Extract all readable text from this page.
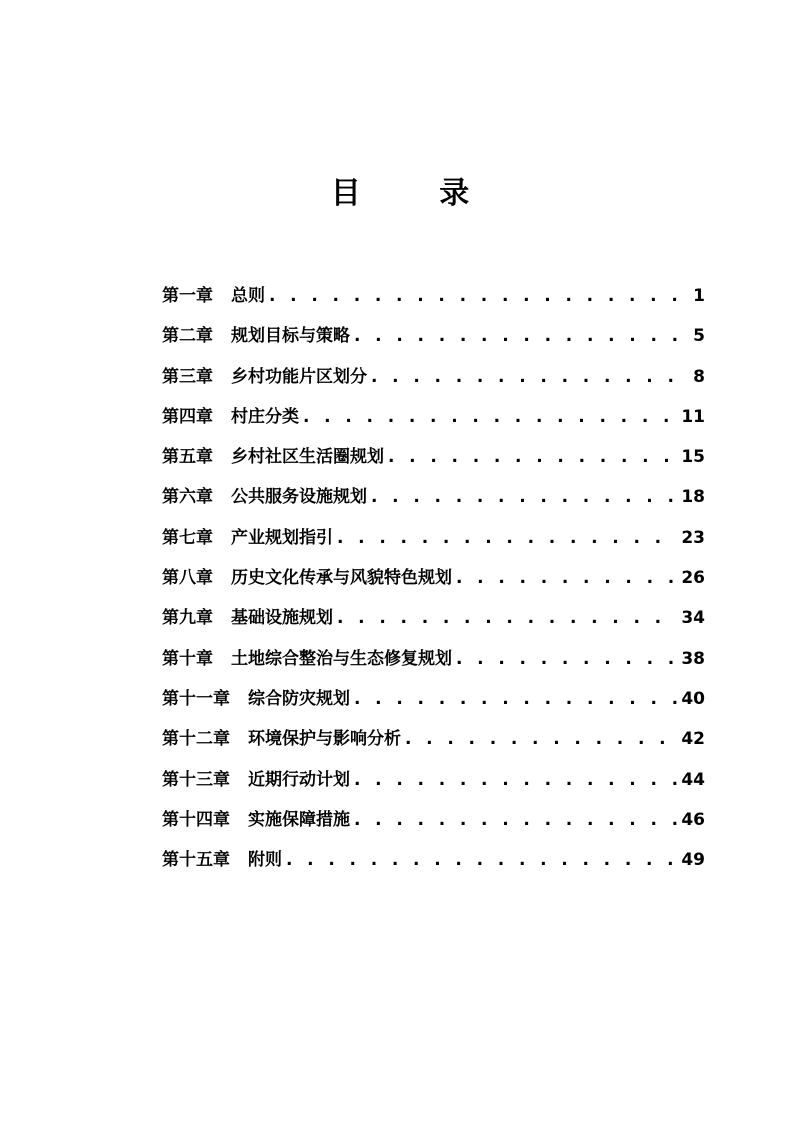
目 录
第一章 总则 . . .	1
第二章 规划目标与策略 . . .	5
第三章 乡村功能片区划分 . . .	8
第四章 村庄分类 . . .	11
第五章 乡村社区生活圈规划 . . .	15
第六章 公共服务设施规划 . . .	18
第七章 产业规划指引 . . .	23
第八章 历史文化传承与风貌特色规划 . . .	26
第九章 基础设施规划 . . .	34
第十章 土地综合整治与生态修复规划 . . .	38
第十一章 综合防灾规划 . . .	40
第十二章 环境保护与影响分析 . . .	42
第十三章 近期行动计划 . . .	44
第十四章 实施保障措施 . . .	46
第十五章 附则 . . .	49
